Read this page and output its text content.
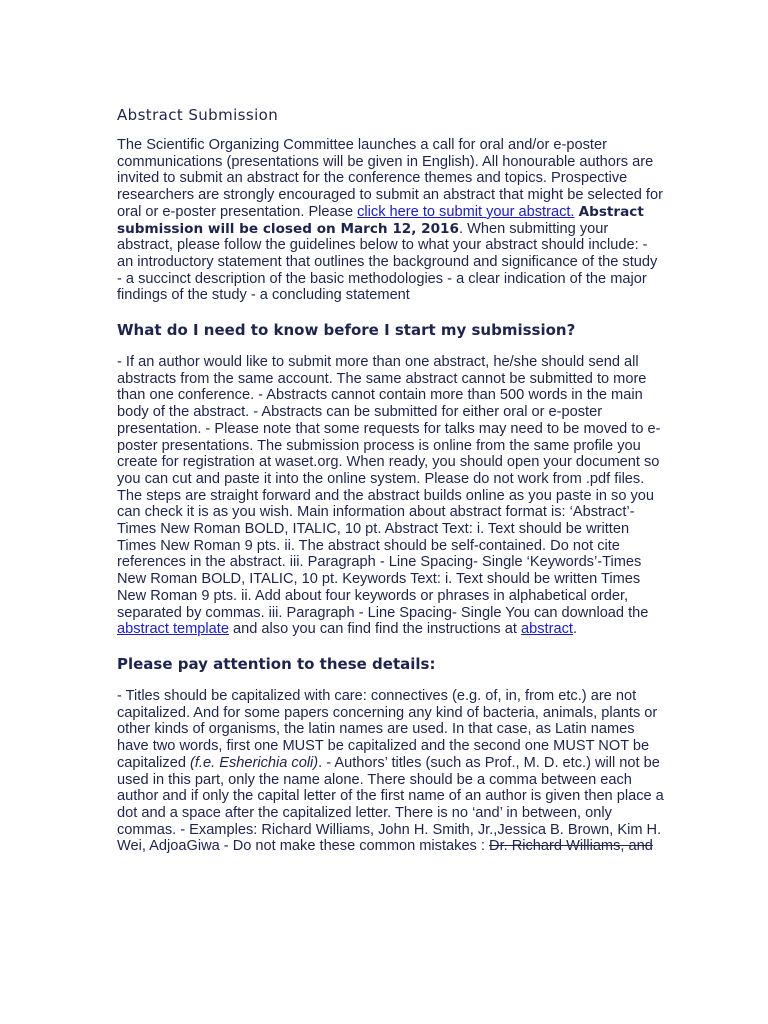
Abstract Submission

The Scientific Organizing Committee launches a call for oral and/or e-poster communications (presentations will be given in English). All honourable authors are invited to submit an abstract for the conference themes and topics. Prospective researchers are strongly encouraged to submit an abstract that might be selected for oral or e-poster presentation. Please click here to submit your abstract. Abstract submission will be closed on March 12, 2016. When submitting your abstract, please follow the guidelines below to what your abstract should include: - an introductory statement that outlines the background and significance of the study - a succinct description of the basic methodologies - a clear indication of the major findings of the study - a concluding statement

What do I need to know before I start my submission?

- If an author would like to submit more than one abstract, he/she should send all abstracts from the same account. The same abstract cannot be submitted to more than one conference. - Abstracts cannot contain more than 500 words in the main body of the abstract. - Abstracts can be submitted for either oral or e-poster presentation. - Please note that some requests for talks may need to be moved to e-poster presentations. The submission process is online from the same profile you create for registration at waset.org. When ready, you should open your document so you can cut and paste it into the online system. Please do not work from .pdf files. The steps are straight forward and the abstract builds online as you paste in so you can check it is as you wish. Main information about abstract format is: ‘Abstract’-Times New Roman BOLD, ITALIC, 10 pt. Abstract Text: i. Text should be written Times New Roman 9 pts. ii. The abstract should be self-contained. Do not cite references in the abstract. iii. Paragraph - Line Spacing- Single ‘Keywords’-Times New Roman BOLD, ITALIC, 10 pt. Keywords Text: i. Text should be written Times New Roman 9 pts. ii. Add about four keywords or phrases in alphabetical order, separated by commas. iii. Paragraph - Line Spacing- Single You can download the abstract template and also you can find find the instructions at abstract.

Please pay attention to these details:

- Titles should be capitalized with care: connectives (e.g. of, in, from etc.) are not capitalized. And for some papers concerning any kind of bacteria, animals, plants or other kinds of organisms, the latin names are used. In that case, as Latin names have two words, first one MUST be capitalized and the second one MUST NOT be capitalized (f.e. Esherichia coli). - Authors’ titles (such as Prof., M. D. etc.) will not be used in this part, only the name alone. There should be a comma between each author and if only the capital letter of the first name of an author is given then place a dot and a space after the capitalized letter. There is no ‘and’ in between, only commas. - Examples: Richard Williams, John H. Smith, Jr.,Jessica B. Brown, Kim H. Wei, AdjoaGiwa - Do not make these common mistakes : Dr. Richard Williams, and
